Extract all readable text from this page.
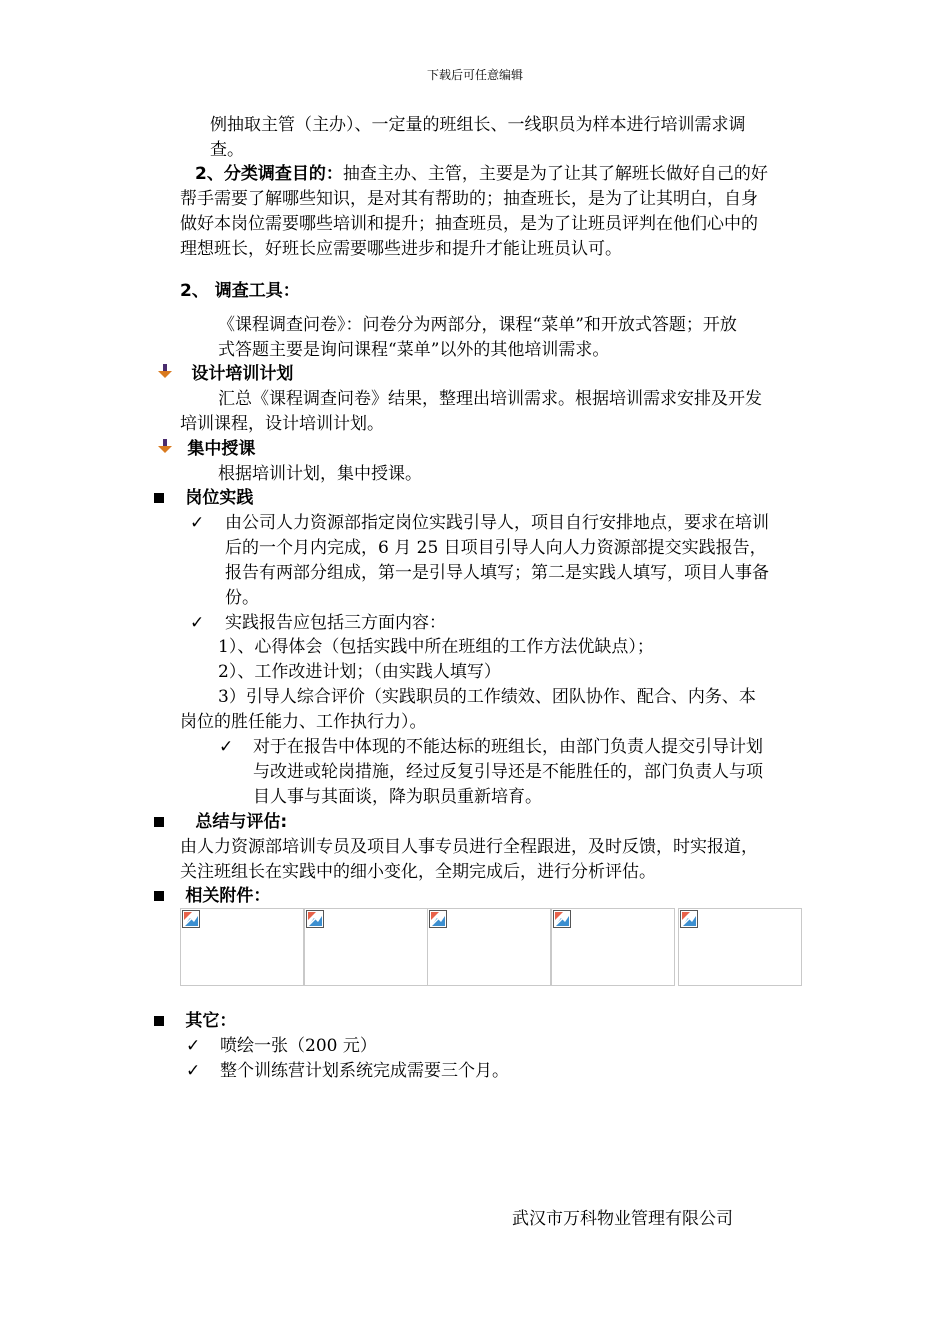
下载后可任意编辑
例抽取主管（主办）、一定量的班组长、一线职员为样本进行培训需求调
查。
2、分类调查目的：抽查主办、主管，主要是为了让其了解班长做好自己的好
帮手需要了解哪些知识，是对其有帮助的；抽查班长，是为了让其明白，自身
做好本岗位需要哪些培训和提升；抽查班员，是为了让班员评判在他们心中的
理想班长，好班长应需要哪些进步和提升才能让班员认可。
2、 调查工具：
《课程调查问卷》：问卷分为两部分，课程“菜单”和开放式答题；开放
式答题主要是询问课程“菜单”以外的其他培训需求。
设计培训计划
汇总《课程调查问卷》结果，整理出培训需求。根据培训需求安排及开发
培训课程，设计培训计划。
集中授课
根据培训计划，集中授课。
岗位实践
✓ 由公司人力资源部指定岗位实践引导人，项目自行安排地点，要求在培训
后的一个月内完成，6 月 25 日项目引导人向人力资源部提交实践报告，
报告有两部分组成，第一是引导人填写；第二是实践人填写，项目人事备
份。
✓ 实践报告应包括三方面内容：
1）、心得体会（包括实践中所在班组的工作方法优缺点）；
2）、工作改进计划；（由实践人填写）
3）引导人综合评价（实践职员的工作绩效、团队协作、配合、内务、本
岗位的胜任能力、工作执行力）。
✓ 对于在报告中体现的不能达标的班组长，由部门负责人提交引导计划
与改进或轮岗措施，经过反复引导还是不能胜任的，部门负责人与项
目人事与其面谈，降为职员重新培育。
总结与评估:
由人力资源部培训专员及项目人事专员进行全程跟进，及时反馈，时实报道，
关注班组长在实践中的细小变化，全期完成后，进行分析评估。
相关附件：
其它：
✓ 喷绘一张（200 元）
✓ 整个训练营计划系统完成需要三个月。
武汉市万科物业管理有限公司
